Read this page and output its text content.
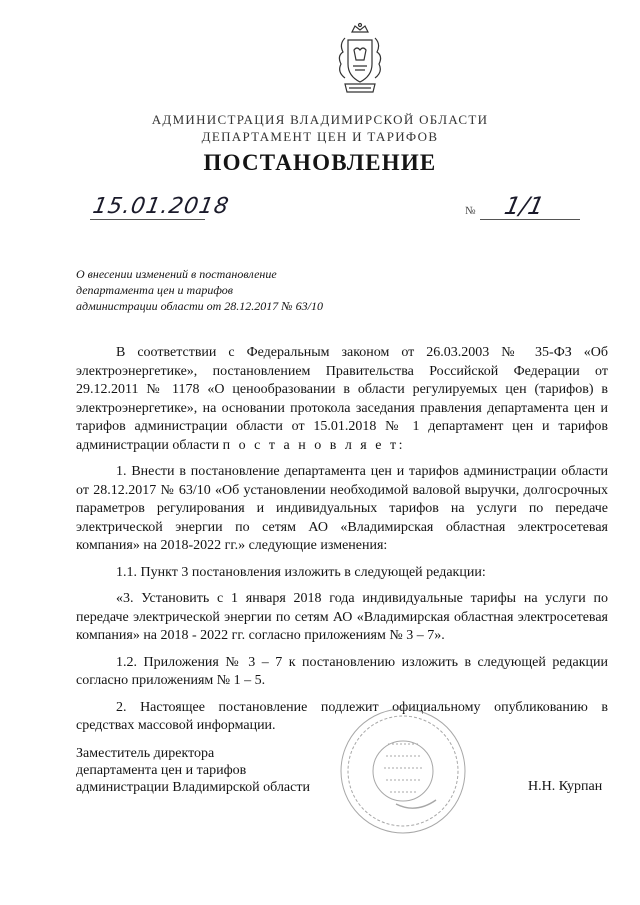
АДМИНИСТРАЦИЯ ВЛАДИМИРСКОЙ ОБЛАСТИ
ДЕПАРТАМЕНТ ЦЕН И ТАРИФОВ
ПОСТАНОВЛЕНИЕ
15.01.2018	№ 1/1
О внесении изменений в постановление
департамента цен и тарифов
администрации области от 28.12.2017 № 63/10

В соответствии с Федеральным законом от 26.03.2003 № 35-ФЗ «Об электроэнергетике», постановлением Правительства Российской Федерации от 29.12.2011 № 1178 «О ценообразовании в области регулируемых цен (тарифов) в электроэнергетике», на основании протокола заседания правления департамента цен и тарифов администрации области от 15.01.2018 № 1 департамент цен и тарифов администрации области п о с т а н о в л я е т:

1. Внести в постановление департамента цен и тарифов администрации области от 28.12.2017 № 63/10 «Об установлении необходимой валовой выручки, долгосрочных параметров регулирования и индивидуальных тарифов на услуги по передаче электрической энергии по сетям АО «Владимирская областная электросетевая компания» на 2018-2022 гг.» следующие изменения:

1.1. Пункт 3 постановления изложить в следующей редакции:

«3. Установить с 1 января 2018 года индивидуальные тарифы на услуги по передаче электрической энергии по сетям АО «Владимирская областная электросетевая компания» на 2018 - 2022 гг. согласно приложениям № 3 – 7».

1.2. Приложения № 3 – 7 к постановлению изложить в следующей редакции согласно приложениям № 1 – 5.

2. Настоящее постановление подлежит официальному опубликованию в средствах массовой информации.

Заместитель директора
департамента цен и тарифов
администрации Владимирской области	Н.Н. Курпан
